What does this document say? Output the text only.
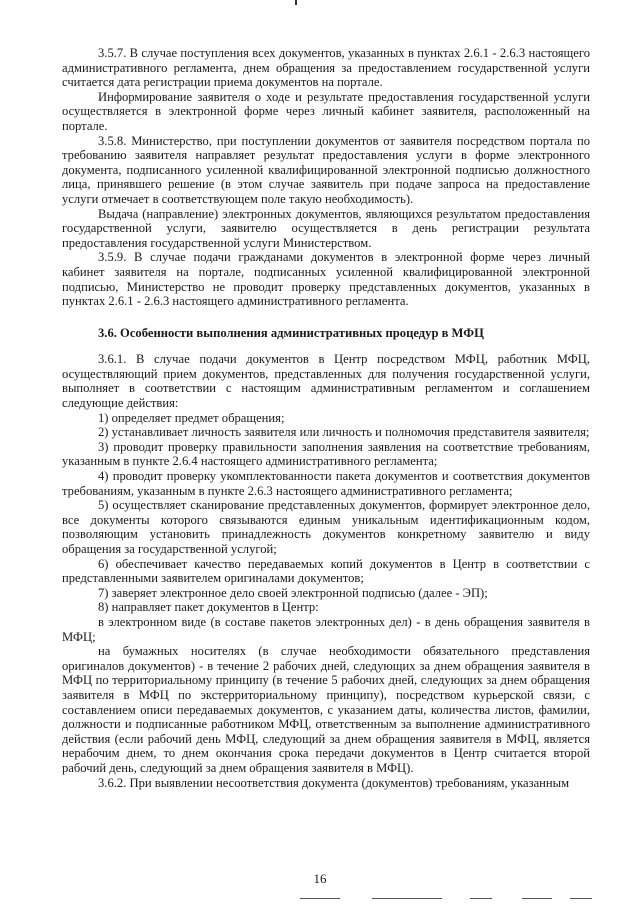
3.5.7. В случае поступления всех документов, указанных в пунктах 2.6.1 - 2.6.3 настоящего административного регламента, днем обращения за предоставлением государственной услуги считается дата регистрации приема документов на портале.

Информирование заявителя о ходе и результате предоставления государственной услуги осуществляется в электронной форме через личный кабинет заявителя, расположенный на портале.

3.5.8. Министерство, при поступлении документов от заявителя посредством портала по требованию заявителя направляет результат предоставления услуги в форме электронного документа, подписанного усиленной квалифицированной электронной подписью должностного лица, принявшего решение (в этом случае заявитель при подаче запроса на предоставление услуги отмечает в соответствующем поле такую необходимость).

Выдача (направление) электронных документов, являющихся результатом предоставления государственной услуги, заявителю осуществляется в день регистрации результата предоставления государственной услуги Министерством.

3.5.9. В случае подачи гражданами документов в электронной форме через личный кабинет заявителя на портале, подписанных усиленной квалифицированной электронной подписью, Министерство не проводит проверку представленных документов, указанных в пунктах 2.6.1 - 2.6.3 настоящего административного регламента.

3.6. Особенности выполнения административных процедур в МФЦ

3.6.1. В случае подачи документов в Центр посредством МФЦ, работник МФЦ, осуществляющий прием документов, представленных для получения государственной услуги, выполняет в соответствии с настоящим административным регламентом и соглашением следующие действия:

1) определяет предмет обращения;

2) устанавливает личность заявителя или личность и полномочия представителя заявителя;

3) проводит проверку правильности заполнения заявления на соответствие требованиям, указанным в пункте 2.6.4 настоящего административного регламента;

4) проводит проверку укомплектованности пакета документов и соответствия документов требованиям, указанным в пункте 2.6.3 настоящего административного регламента;

5) осуществляет сканирование представленных документов, формирует электронное дело, все документы которого связываются единым уникальным идентификационным кодом, позволяющим установить принадлежность документов конкретному заявителю и виду обращения за государственной услугой;

6) обеспечивает качество передаваемых копий документов в Центр в соответствии с представленными заявителем оригиналами документов;

7) заверяет электронное дело своей электронной подписью (далее - ЭП);

8) направляет пакет документов в Центр:

в электронном виде (в составе пакетов электронных дел) - в день обращения заявителя в МФЦ;

на бумажных носителях (в случае необходимости обязательного представления оригиналов документов) - в течение 2 рабочих дней, следующих за днем обращения заявителя в МФЦ по территориальному принципу (в течение 5 рабочих дней, следующих за днем обращения заявителя в МФЦ по экстерриториальному принципу), посредством курьерской связи, с составлением описи передаваемых документов, с указанием даты, количества листов, фамилии, должности и подписанные работником МФЦ, ответственным за выполнение административного действия (если рабочий день МФЦ, следующий за днем обращения заявителя в МФЦ, является нерабочим днем, то днем окончания срока передачи документов в Центр считается второй рабочий день, следующий за днем обращения заявителя в МФЦ).

3.6.2. При выявлении несоответствия документа (документов) требованиям, указанным

16
